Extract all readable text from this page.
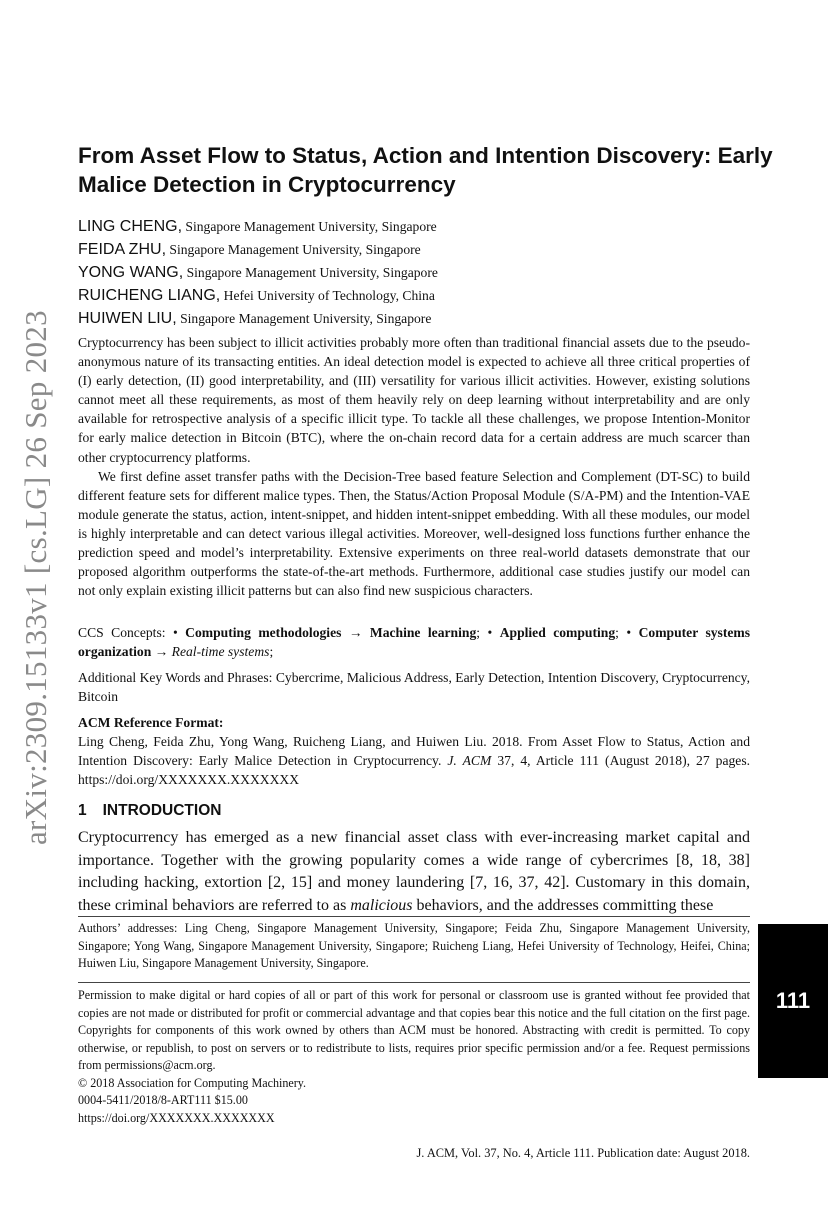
arXiv:2309.15133v1 [cs.LG] 26 Sep 2023
From Asset Flow to Status, Action and Intention Discovery: Early Malice Detection in Cryptocurrency
LING CHENG, Singapore Management University, Singapore
FEIDA ZHU, Singapore Management University, Singapore
YONG WANG, Singapore Management University, Singapore
RUICHENG LIANG, Hefei University of Technology, China
HUIWEN LIU, Singapore Management University, Singapore

Cryptocurrency has been subject to illicit activities probably more often than traditional financial assets due to the pseudo-anonymous nature of its transacting entities. An ideal detection model is expected to achieve all three critical properties of (I) early detection, (II) good interpretability, and (III) versatility for various illicit activities. However, existing solutions cannot meet all these requirements, as most of them heavily rely on deep learning without interpretability and are only available for retrospective analysis of a specific illicit type. To tackle all these challenges, we propose Intention-Monitor for early malice detection in Bitcoin (BTC), where the on-chain record data for a certain address are much scarcer than other cryptocurrency platforms.

We first define asset transfer paths with the Decision-Tree based feature Selection and Complement (DT-SC) to build different feature sets for different malice types. Then, the Status/Action Proposal Module (S/A-PM) and the Intention-VAE module generate the status, action, intent-snippet, and hidden intent-snippet embedding. With all these modules, our model is highly interpretable and can detect various illegal activities. Moreover, well-designed loss functions further enhance the prediction speed and model’s interpretability. Extensive experiments on three real-world datasets demonstrate that our proposed algorithm outperforms the state-of-the-art methods. Furthermore, additional case studies justify our model can not only explain existing illicit patterns but can also find new suspicious characters.

CCS Concepts: • Computing methodologies → Machine learning; • Applied computing; • Computer systems organization → Real-time systems;
Additional Key Words and Phrases: Cybercrime, Malicious Address, Early Detection, Intention Discovery, Cryptocurrency, Bitcoin
ACM Reference Format:
Ling Cheng, Feida Zhu, Yong Wang, Ruicheng Liang, and Huiwen Liu. 2018. From Asset Flow to Status, Action and Intention Discovery: Early Malice Detection in Cryptocurrency. J. ACM 37, 4, Article 111 (August 2018), 27 pages. https://doi.org/XXXXXXX.XXXXXXX
1 INTRODUCTION
Cryptocurrency has emerged as a new financial asset class with ever-increasing market capital and importance. Together with the growing popularity comes a wide range of cybercrimes [8, 18, 38] including hacking, extortion [2, 15] and money laundering [7, 16, 37, 42]. Customary in this domain, these criminal behaviors are referred to as malicious behaviors, and the addresses committing these
Authors’ addresses: Ling Cheng, Singapore Management University, Singapore; Feida Zhu, Singapore Management University, Singapore; Yong Wang, Singapore Management University, Singapore; Ruicheng Liang, Hefei University of Technology, Heifei, China; Huiwen Liu, Singapore Management University, Singapore.

Permission to make digital or hard copies of all or part of this work for personal or classroom use is granted without fee provided that copies are not made or distributed for profit or commercial advantage and that copies bear this notice and the full citation on the first page. Copyrights for components of this work owned by others than ACM must be honored. Abstracting with credit is permitted. To copy otherwise, or republish, to post on servers or to redistribute to lists, requires prior specific permission and/or a fee. Request permissions from permissions@acm.org.

© 2018 Association for Computing Machinery.
0004-5411/2018/8-ART111 $15.00
https://doi.org/XXXXXXX.XXXXXXX
J. ACM, Vol. 37, No. 4, Article 111. Publication date: August 2018.
111
